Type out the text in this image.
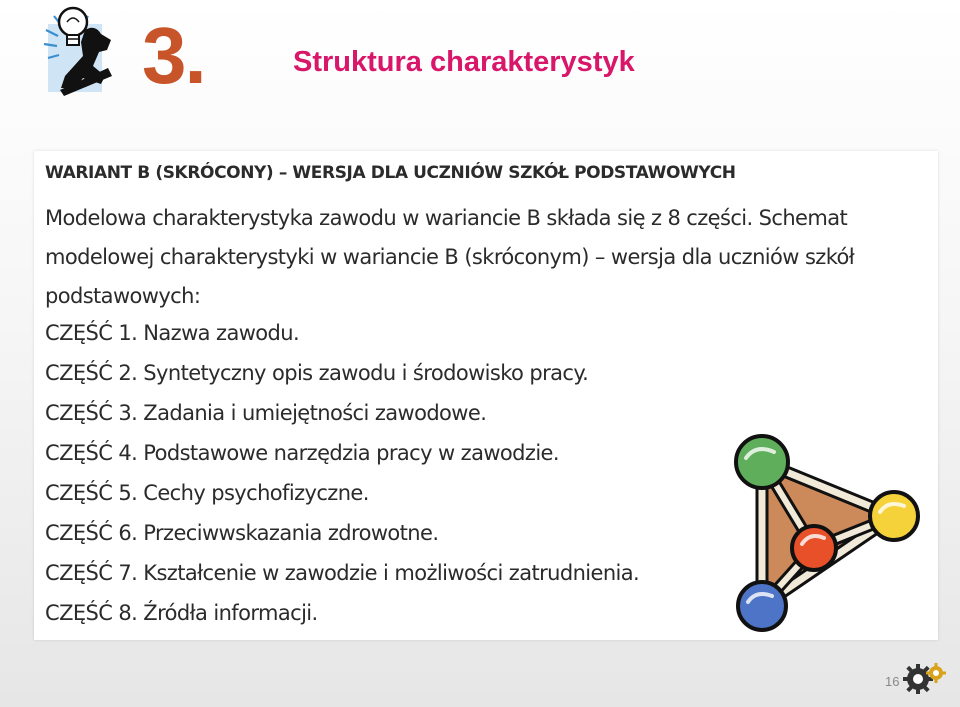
3.	Struktura charakterystyk
WARIANT B (SKRÓCONY) – WERSJA DLA UCZNIÓW SZKÓŁ PODSTAWOWYCH
Modelowa charakterystyka zawodu w wariancie B składa się z 8 części. Schemat modelowej charakterystyki w wariancie B (skróconym) – wersja dla uczniów szkół podstawowych:
CZĘŚĆ 1. Nazwa zawodu.
CZĘŚĆ 2. Syntetyczny opis zawodu i środowisko pracy.
CZĘŚĆ 3. Zadania i umiejętności zawodowe.
CZĘŚĆ 4. Podstawowe narzędzia pracy w zawodzie.
CZĘŚĆ 5. Cechy psychofizyczne.
CZĘŚĆ 6. Przeciwwskazania zdrowotne.
CZĘŚĆ 7. Kształcenie w zawodzie i możliwości zatrudnienia.
CZĘŚĆ 8. Źródła informacji.
16
